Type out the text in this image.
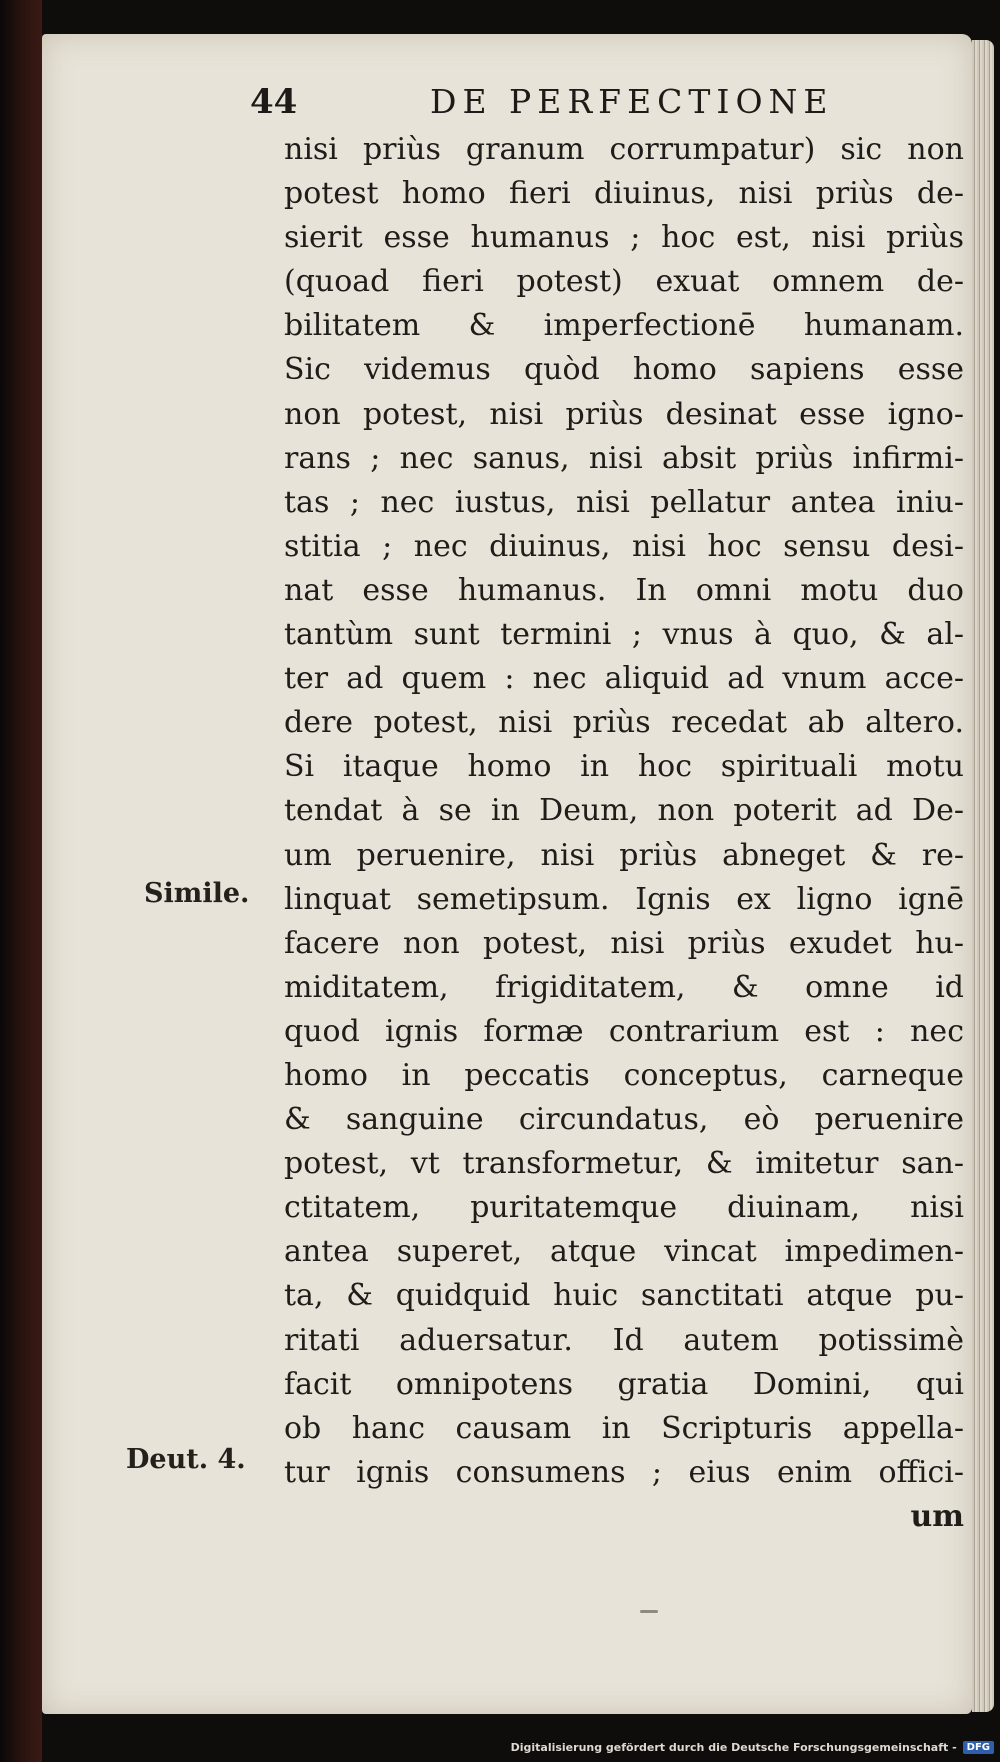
44	DE PERFECTIONE
nisi priùs granum corrumpatur) sic non
potest homo fieri diuinus, nisi priùs de-
sierit esse humanus ; hoc est, nisi priùs
(quoad fieri potest) exuat omnem de-
bilitatem & imperfectionē humanam.
Sic videmus quòd homo sapiens esse
non potest, nisi priùs desinat esse igno-
rans ; nec sanus, nisi absit priùs infirmi-
tas ; nec iustus, nisi pellatur antea iniu-
stitia ; nec diuinus, nisi hoc sensu desi-
nat esse humanus. In omni motu duo
tantùm sunt termini ; vnus à quo, & al-
ter ad quem : nec aliquid ad vnum acce-
dere potest, nisi priùs recedat ab altero.
Si itaque homo in hoc spirituali motu
tendat à se in Deum, non poterit ad De-
um peruenire, nisi priùs abneget & re-
linquat semetipsum. Ignis ex ligno ignē
facere non potest, nisi priùs exudet hu-
miditatem, frigiditatem, & omne id
quod ignis formæ contrarium est : nec
homo in peccatis conceptus, carneque
& sanguine circundatus, eò peruenire
potest, vt transformetur, & imitetur san-
ctitatem, puritatemque diuinam, nisi
antea superet, atque vincat impedimen-
ta, & quidquid huic sanctitati atque pu-
ritati aduersatur. Id autem potissimè
facit omnipotens gratia Domini, qui
ob hanc causam in Scripturis appella-
tur ignis consumens ; eius enim offici-
um
Simile.
Deut. 4.
Digitalisierung gefördert durch die Deutsche Forschungsgemeinschaft -	DFG
